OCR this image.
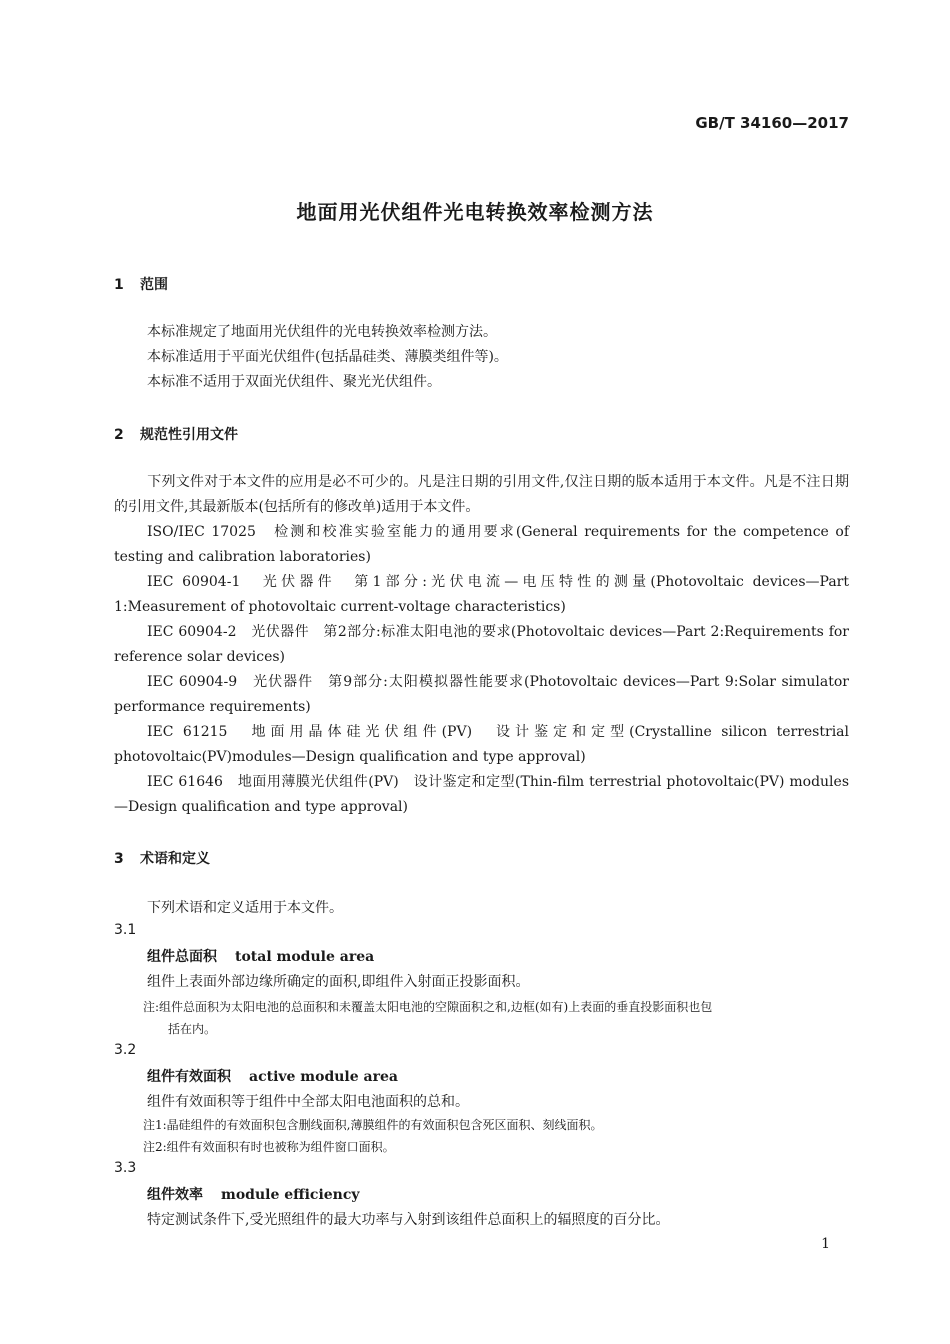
GB/T 34160—2017
地面用光伏组件光电转换效率检测方法
1 范围
本标准规定了地面用光伏组件的光电转换效率检测方法。
本标准适用于平面光伏组件(包括晶硅类、薄膜类组件等)。
本标准不适用于双面光伏组件、聚光光伏组件。
2 规范性引用文件
下列文件对于本文件的应用是必不可少的。凡是注日期的引用文件,仅注日期的版本适用于本文件。凡是不注日期的引用文件,其最新版本(包括所有的修改单)适用于本文件。
ISO/IEC 17025　检测和校准实验室能力的通用要求(General requirements for the competence of testing and calibration laboratories)
IEC 60904-1　光伏器件　第1部分:光伏电流—电压特性的测量(Photovoltaic devices—Part 1:Measurement of photovoltaic current-voltage characteristics)
IEC 60904-2　光伏器件　第2部分:标准太阳电池的要求(Photovoltaic devices—Part 2:Requirements for reference solar devices)
IEC 60904-9　光伏器件　第9部分:太阳模拟器性能要求(Photovoltaic devices—Part 9:Solar simulator performance requirements)
IEC 61215　地面用晶体硅光伏组件(PV)　设计鉴定和定型(Crystalline silicon terrestrial photovoltaic(PV)modules—Design qualification and type approval)
IEC 61646　地面用薄膜光伏组件(PV)　设计鉴定和定型(Thin-film terrestrial photovoltaic(PV) modules—Design qualification and type approval)
3 术语和定义
下列术语和定义适用于本文件。
3.1
组件总面积 total module area
组件上表面外部边缘所确定的面积,即组件入射面正投影面积。
注:组件总面积为太阳电池的总面积和未覆盖太阳电池的空隙面积之和,边框(如有)上表面的垂直投影面积也包
括在内。
3.2
组件有效面积 active module area
组件有效面积等于组件中全部太阳电池面积的总和。
注1:晶硅组件的有效面积包含删线面积,薄膜组件的有效面积包含死区面积、刻线面积。
注2:组件有效面积有时也被称为组件窗口面积。
3.3
组件效率 module efficiency
特定测试条件下,受光照组件的最大功率与入射到该组件总面积上的辐照度的百分比。
1
